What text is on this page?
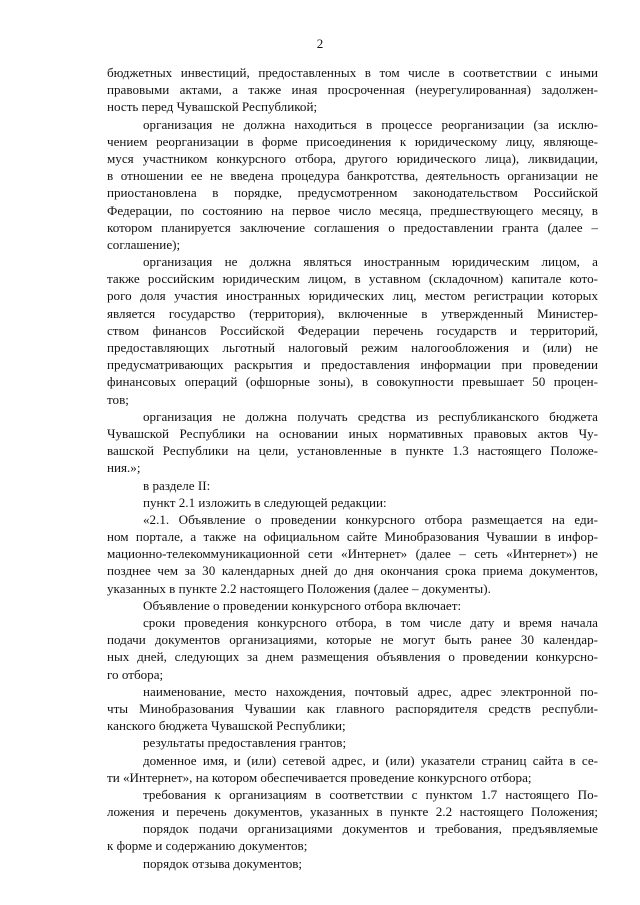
2
бюджетных инвестиций, предоставленных в том числе в соответствии с иными
правовыми актами, а также иная просроченная (неурегулированная) задолжен-
ность перед Чувашской Республикой;
организация не должна находиться в процессе реорганизации (за исклю-
чением реорганизации в форме присоединения к юридическому лицу, являюще-
муся участником конкурсного отбора, другого юридического лица), ликвидации,
в отношении ее не введена процедура банкротства, деятельность организации не
приостановлена в порядке, предусмотренном законодательством Российской
Федерации, по состоянию на первое число месяца, предшествующего месяцу, в
котором планируется заключение соглашения о предоставлении гранта (далее –
соглашение);
организация не должна являться иностранным юридическим лицом, а
также российским юридическим лицом, в уставном (складочном) капитале кото-
рого доля участия иностранных юридических лиц, местом регистрации которых
является государство (территория), включенные в утвержденный Министер-
ством финансов Российской Федерации перечень государств и территорий,
предоставляющих льготный налоговый режим налогообложения и (или) не
предусматривающих раскрытия и предоставления информации при проведении
финансовых операций (офшорные зоны), в совокупности превышает 50 процен-
тов;
организация не должна получать средства из республиканского бюджета
Чувашской Республики на основании иных нормативных правовых актов Чу-
вашской Республики на цели, установленные в пункте 1.3 настоящего Положе-
ния.»;
в разделе II:
пункт 2.1 изложить в следующей редакции:
«2.1. Объявление о проведении конкурсного отбора размещается на еди-
ном портале, а также на официальном сайте Минобразования Чувашии в инфор-
мационно-телекоммуникационной сети «Интернет» (далее – сеть «Интернет») не
позднее чем за 30 календарных дней до дня окончания срока приема документов,
указанных в пункте 2.2 настоящего Положения (далее – документы).
Объявление о проведении конкурсного отбора включает:
сроки проведения конкурсного отбора, в том числе дату и время начала
подачи документов организациями, которые не могут быть ранее 30 календар-
ных дней, следующих за днем размещения объявления о проведении конкурсно-
го отбора;
наименование, место нахождения, почтовый адрес, адрес электронной по-
чты Минобразования Чувашии как главного распорядителя средств республи-
канского бюджета Чувашской Республики;
результаты предоставления грантов;
доменное имя, и (или) сетевой адрес, и (или) указатели страниц сайта в се-
ти «Интернет», на котором обеспечивается проведение конкурсного отбора;
требования к организациям в соответствии с пунктом 1.7 настоящего По-
ложения и перечень документов, указанных в пункте 2.2 настоящего Положения;
порядок подачи организациями документов и требования, предъявляемые
к форме и содержанию документов;
порядок отзыва документов;
